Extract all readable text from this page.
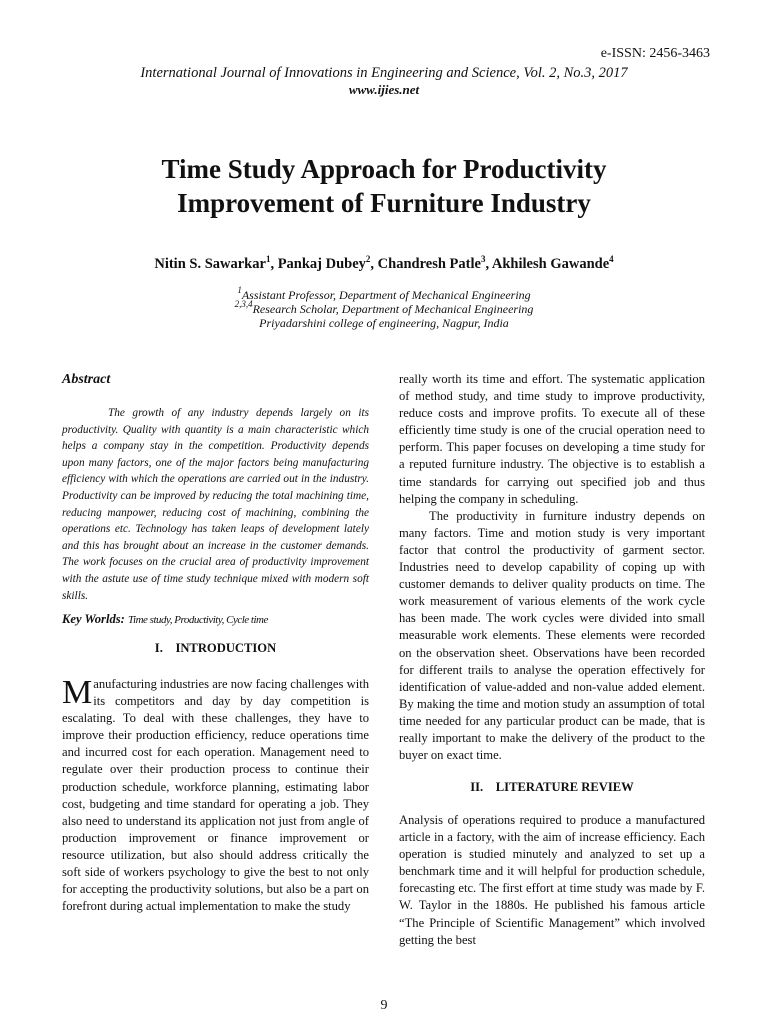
e-ISSN: 2456-3463
International Journal of Innovations in Engineering and Science, Vol. 2, No.3, 2017
www.ijies.net
Time Study Approach for Productivity
Improvement of Furniture Industry
Nitin S. Sawarkar$^1$, Pankaj Dubey$^2$, Chandresh Patle$^3$, Akhilesh Gawande$^4$
$^1$Assistant Professor, Department of Mechanical Engineering
$^{2,3,4}$Research Scholar, Department of Mechanical Engineering
Priyadarshini college of engineering, Nagpur, India
Abstract

The growth of any industry depends largely on its productivity. Quality with quantity is a main characteristic which helps a company stay in the competition. Productivity depends upon many factors, one of the major factors being manufacturing efficiency with which the operations are carried out in the industry. Productivity can be improved by reducing the total machining time, reducing manpower, reducing cost of machining, combining the operations etc. Technology has taken leaps of development lately and this has brought about an increase in the customer demands. The work focuses on the crucial area of productivity improvement with the astute use of time study technique mixed with modern soft skills.

Key Worlds: Time study, Productivity, Cycle time
I.    INTRODUCTION
Manufacturing industries are now facing challenges with its competitors and day by day competition is escalating. To deal with these challenges, they have to improve their production efficiency, reduce operations time and incurred cost for each operation. Management need to regulate over their production process to continue their production schedule, workforce planning, estimating labor cost, budgeting and time standard for operating a job. They also need to understand its application not just from angle of production improvement or finance improvement or resource utilization, but also should address critically the soft side of workers psychology to give the best to not only for accepting the productivity solutions, but also be a part on forefront during actual implementation to make the study

really worth its time and effort. The systematic application of method study, and time study to improve productivity, reduce costs and improve profits. To execute all of these efficiently time study is one of the crucial operation need to perform. This paper focuses on developing a time study for a reputed furniture industry. The objective is to establish a time standards for carrying out specified job and thus helping the company in scheduling.

The productivity in furniture industry depends on many factors. Time and motion study is very important factor that control the productivity of garment sector. Industries need to develop capability of coping up with customer demands to deliver quality products on time. The work measurement of various elements of the work cycle has been made. The work cycles were divided into small measurable work elements. These elements were recorded on the observation sheet. Observations have been recorded for different trails to analyse the operation effectively for identification of value-added and non-value added element. By making the time and motion study an assumption of total time needed for any particular product can be made, that is really important to make the delivery of the product to the buyer on exact time.

II.    LITERATURE REVIEW

Analysis of operations required to produce a manufactured article in a factory, with the aim of increase efficiency. Each operation is studied minutely and analyzed to set up a benchmark time and it will helpful for production schedule, forecasting etc. The first effort at time study was made by F. W. Taylor in the 1880s. He published his famous article “The Principle of Scientific Management” which involved getting the best

9
